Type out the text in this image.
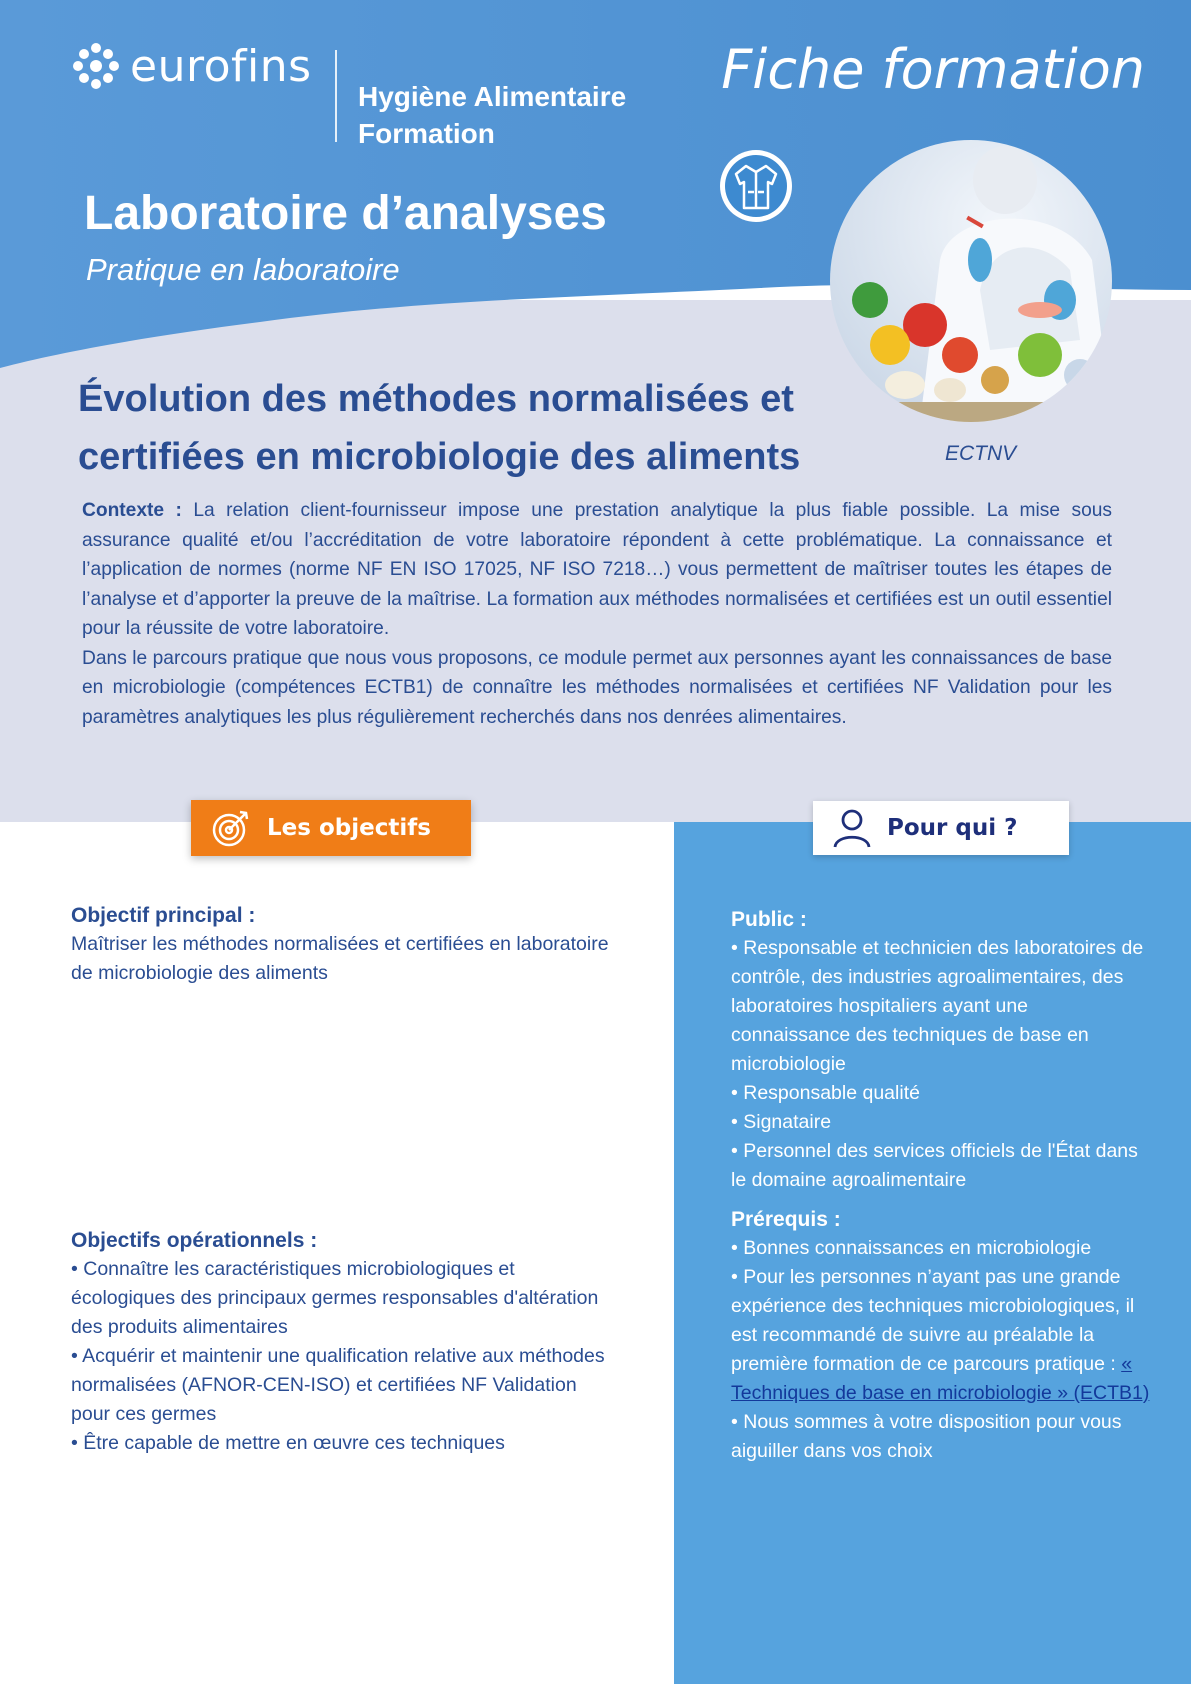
eurofins
Hygiène Alimentaire
Formation
Fiche formation
Laboratoire d’analyses
Pratique en laboratoire
Évolution des méthodes normalisées et
certifiées en microbiologie des aliments	ECTNV

Contexte : La relation client-fournisseur impose une prestation analytique la plus fiable possible. La mise sous assurance qualité et/ou l’accréditation de votre laboratoire répondent à cette problématique. La connaissance et l’application de normes (norme NF EN ISO 17025, NF ISO 7218…) vous permettent de maîtriser toutes les étapes de l’analyse et d’apporter la preuve de la maîtrise. La formation aux méthodes normalisées et certifiées est un outil essentiel pour la réussite de votre laboratoire.

Dans le parcours pratique que nous vous proposons, ce module permet aux personnes ayant les connaissances de base en microbiologie (compétences ECTB1) de connaître les méthodes normalisées et certifiées NF Validation pour les paramètres analytiques les plus régulièrement recherchés dans nos denrées alimentaires.

Les objectifs	Pour qui ?

Objectif principal :

Maîtriser les méthodes normalisées et certifiées en laboratoire de microbiologie des aliments

Objectifs opérationnels :

• Connaître les caractéristiques microbiologiques et écologiques des principaux germes responsables d'altération des produits alimentaires

• Acquérir et maintenir une qualification relative aux méthodes normalisées (AFNOR-CEN-ISO) et certifiées NF Validation pour ces germes

• Être capable de mettre en œuvre ces techniques

Public :

• Responsable et technicien des laboratoires de contrôle, des industries agroalimentaires, des laboratoires hospitaliers ayant une connaissance des techniques de base en microbiologie

• Responsable qualité

• Signataire

• Personnel des services officiels de l'État dans le domaine agroalimentaire

Prérequis :

• Bonnes connaissances en microbiologie

• Pour les personnes n’ayant pas une grande expérience des techniques microbiologiques, il est recommandé de suivre au préalable la première formation de ce parcours pratique : « Techniques de base en microbiologie » (ECTB1)

• Nous sommes à votre disposition pour vous aiguiller dans vos choix
